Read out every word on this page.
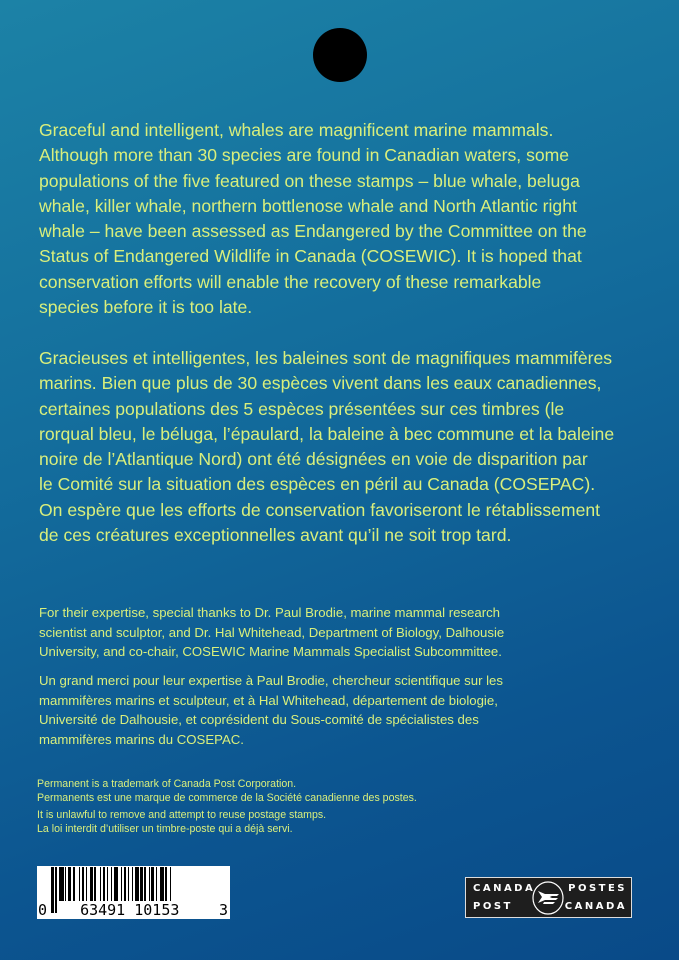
Graceful and intelligent, whales are magnificent marine mammals.
Although more than 30 species are found in Canadian waters, some
populations of the five featured on these stamps – blue whale, beluga
whale, killer whale, northern bottlenose whale and North Atlantic right
whale – have been assessed as Endangered by the Committee on the
Status of Endangered Wildlife in Canada (COSEWIC). It is hoped that
conservation efforts will enable the recovery of these remarkable
species before it is too late.
Gracieuses et intelligentes, les baleines sont de magnifiques mammifères
marins. Bien que plus de 30 espèces vivent dans les eaux canadiennes,
certaines populations des 5 espèces présentées sur ces timbres (le
rorqual bleu, le béluga, l’épaulard, la baleine à bec commune et la baleine
noire de l’Atlantique Nord) ont été désignées en voie de disparition par
le Comité sur la situation des espèces en péril au Canada (COSEPAC).
On espère que les efforts de conservation favoriseront le rétablissement
de ces créatures exceptionnelles avant qu’il ne soit trop tard.
For their expertise, special thanks to Dr. Paul Brodie, marine mammal research
scientist and sculptor, and Dr. Hal Whitehead, Department of Biology, Dalhousie
University, and co-chair, COSEWIC Marine Mammals Specialist Subcommittee.
Un grand merci pour leur expertise à Paul Brodie, chercheur scientifique sur les
mammifères marins et sculpteur, et à Hal Whitehead, département de biologie,
Université de Dalhousie, et coprésident du Sous-comité de spécialistes des
mammifères marins du COSEPAC.
Permanent is a trademark of Canada Post Corporation.
Permanents est une marque de commerce de la Société canadienne des postes.
It is unlawful to remove and attempt to reuse postage stamps.
La loi interdit d’utiliser un timbre-poste qui a déjà servi.
0 63491 10153	3
CANADA	POSTES
POST	CANADA
